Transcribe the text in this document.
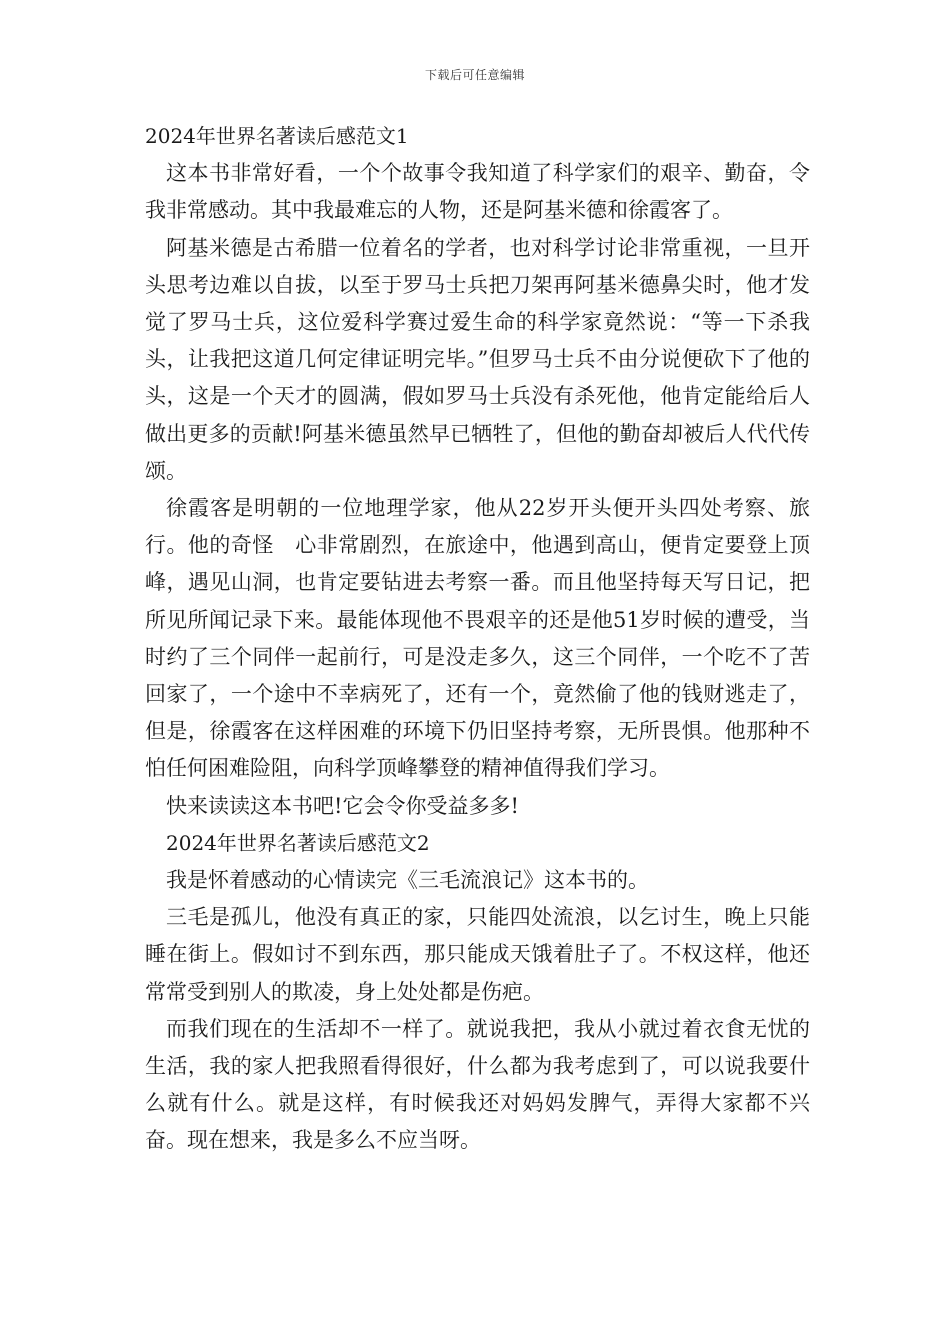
下载后可任意编辑

2024年世界名著读后感范文1

这本书非常好看，一个个故事令我知道了科学家们的艰辛、勤奋，令我非常感动。其中我最难忘的人物，还是阿基米德和徐霞客了。

阿基米德是古希腊一位着名的学者，也对科学讨论非常重视，一旦开头思考边难以自拔，以至于罗马士兵把刀架再阿基米德鼻尖时，他才发觉了罗马士兵，这位爱科学赛过爱生命的科学家竟然说：“等一下杀我头，让我把这道几何定律证明完毕。”但罗马士兵不由分说便砍下了他的头，这是一个天才的圆满，假如罗马士兵没有杀死他，他肯定能给后人做出更多的贡献!阿基米德虽然早已牺牲了，但他的勤奋却被后人代代传颂。

徐霞客是明朝的一位地理学家，他从22岁开头便开头四处考察、旅行。他的奇怪　心非常剧烈，在旅途中，他遇到高山，便肯定要登上顶峰，遇见山洞，也肯定要钻进去考察一番。而且他坚持每天写日记，把所见所闻记录下来。最能体现他不畏艰辛的还是他51岁时候的遭受，当时约了三个同伴一起前行，可是没走多久，这三个同伴，一个吃不了苦回家了，一个途中不幸病死了，还有一个，竟然偷了他的钱财逃走了，但是，徐霞客在这样困难的环境下仍旧坚持考察，无所畏惧。他那种不怕任何困难险阻，向科学顶峰攀登的精神值得我们学习。

快来读读这本书吧!它会令你受益多多!

2024年世界名著读后感范文2

我是怀着感动的心情读完《三毛流浪记》这本书的。

三毛是孤儿，他没有真正的家，只能四处流浪，以乞讨生，晚上只能睡在街上。假如讨不到东西，那只能成天饿着肚子了。不权这样，他还常常受到别人的欺凌，身上处处都是伤疤。

而我们现在的生活却不一样了。就说我把，我从小就过着衣食无忧的生活，我的家人把我照看得很好，什么都为我考虑到了，可以说我要什么就有什么。就是这样，有时候我还对妈妈发脾气，弄得大家都不兴奋。现在想来，我是多么不应当呀。
